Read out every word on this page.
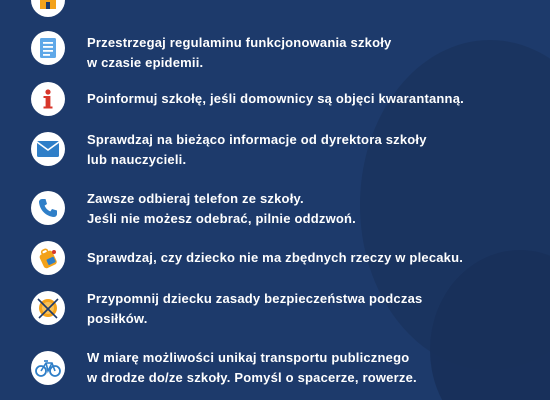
Przestrzegaj regulaminu funkcjonowania szkoły
w czasie epidemii.
Poinformuj szkołę, jeśli domownicy są objęci kwarantanną.
Sprawdzaj na bieżąco informacje od dyrektora szkoły
lub nauczycieli.
Zawsze odbieraj telefon ze szkoły.
Jeśli nie możesz odebrać, pilnie oddzwoń.
Sprawdzaj, czy dziecko nie ma zbędnych rzeczy w plecaku.
Przypomnij dziecku zasady bezpieczeństwa podczas
posiłków.
W miarę możliwości unikaj transportu publicznego
w drodze do/ze szkoły. Pomyśl o spacerze, rowerze.
